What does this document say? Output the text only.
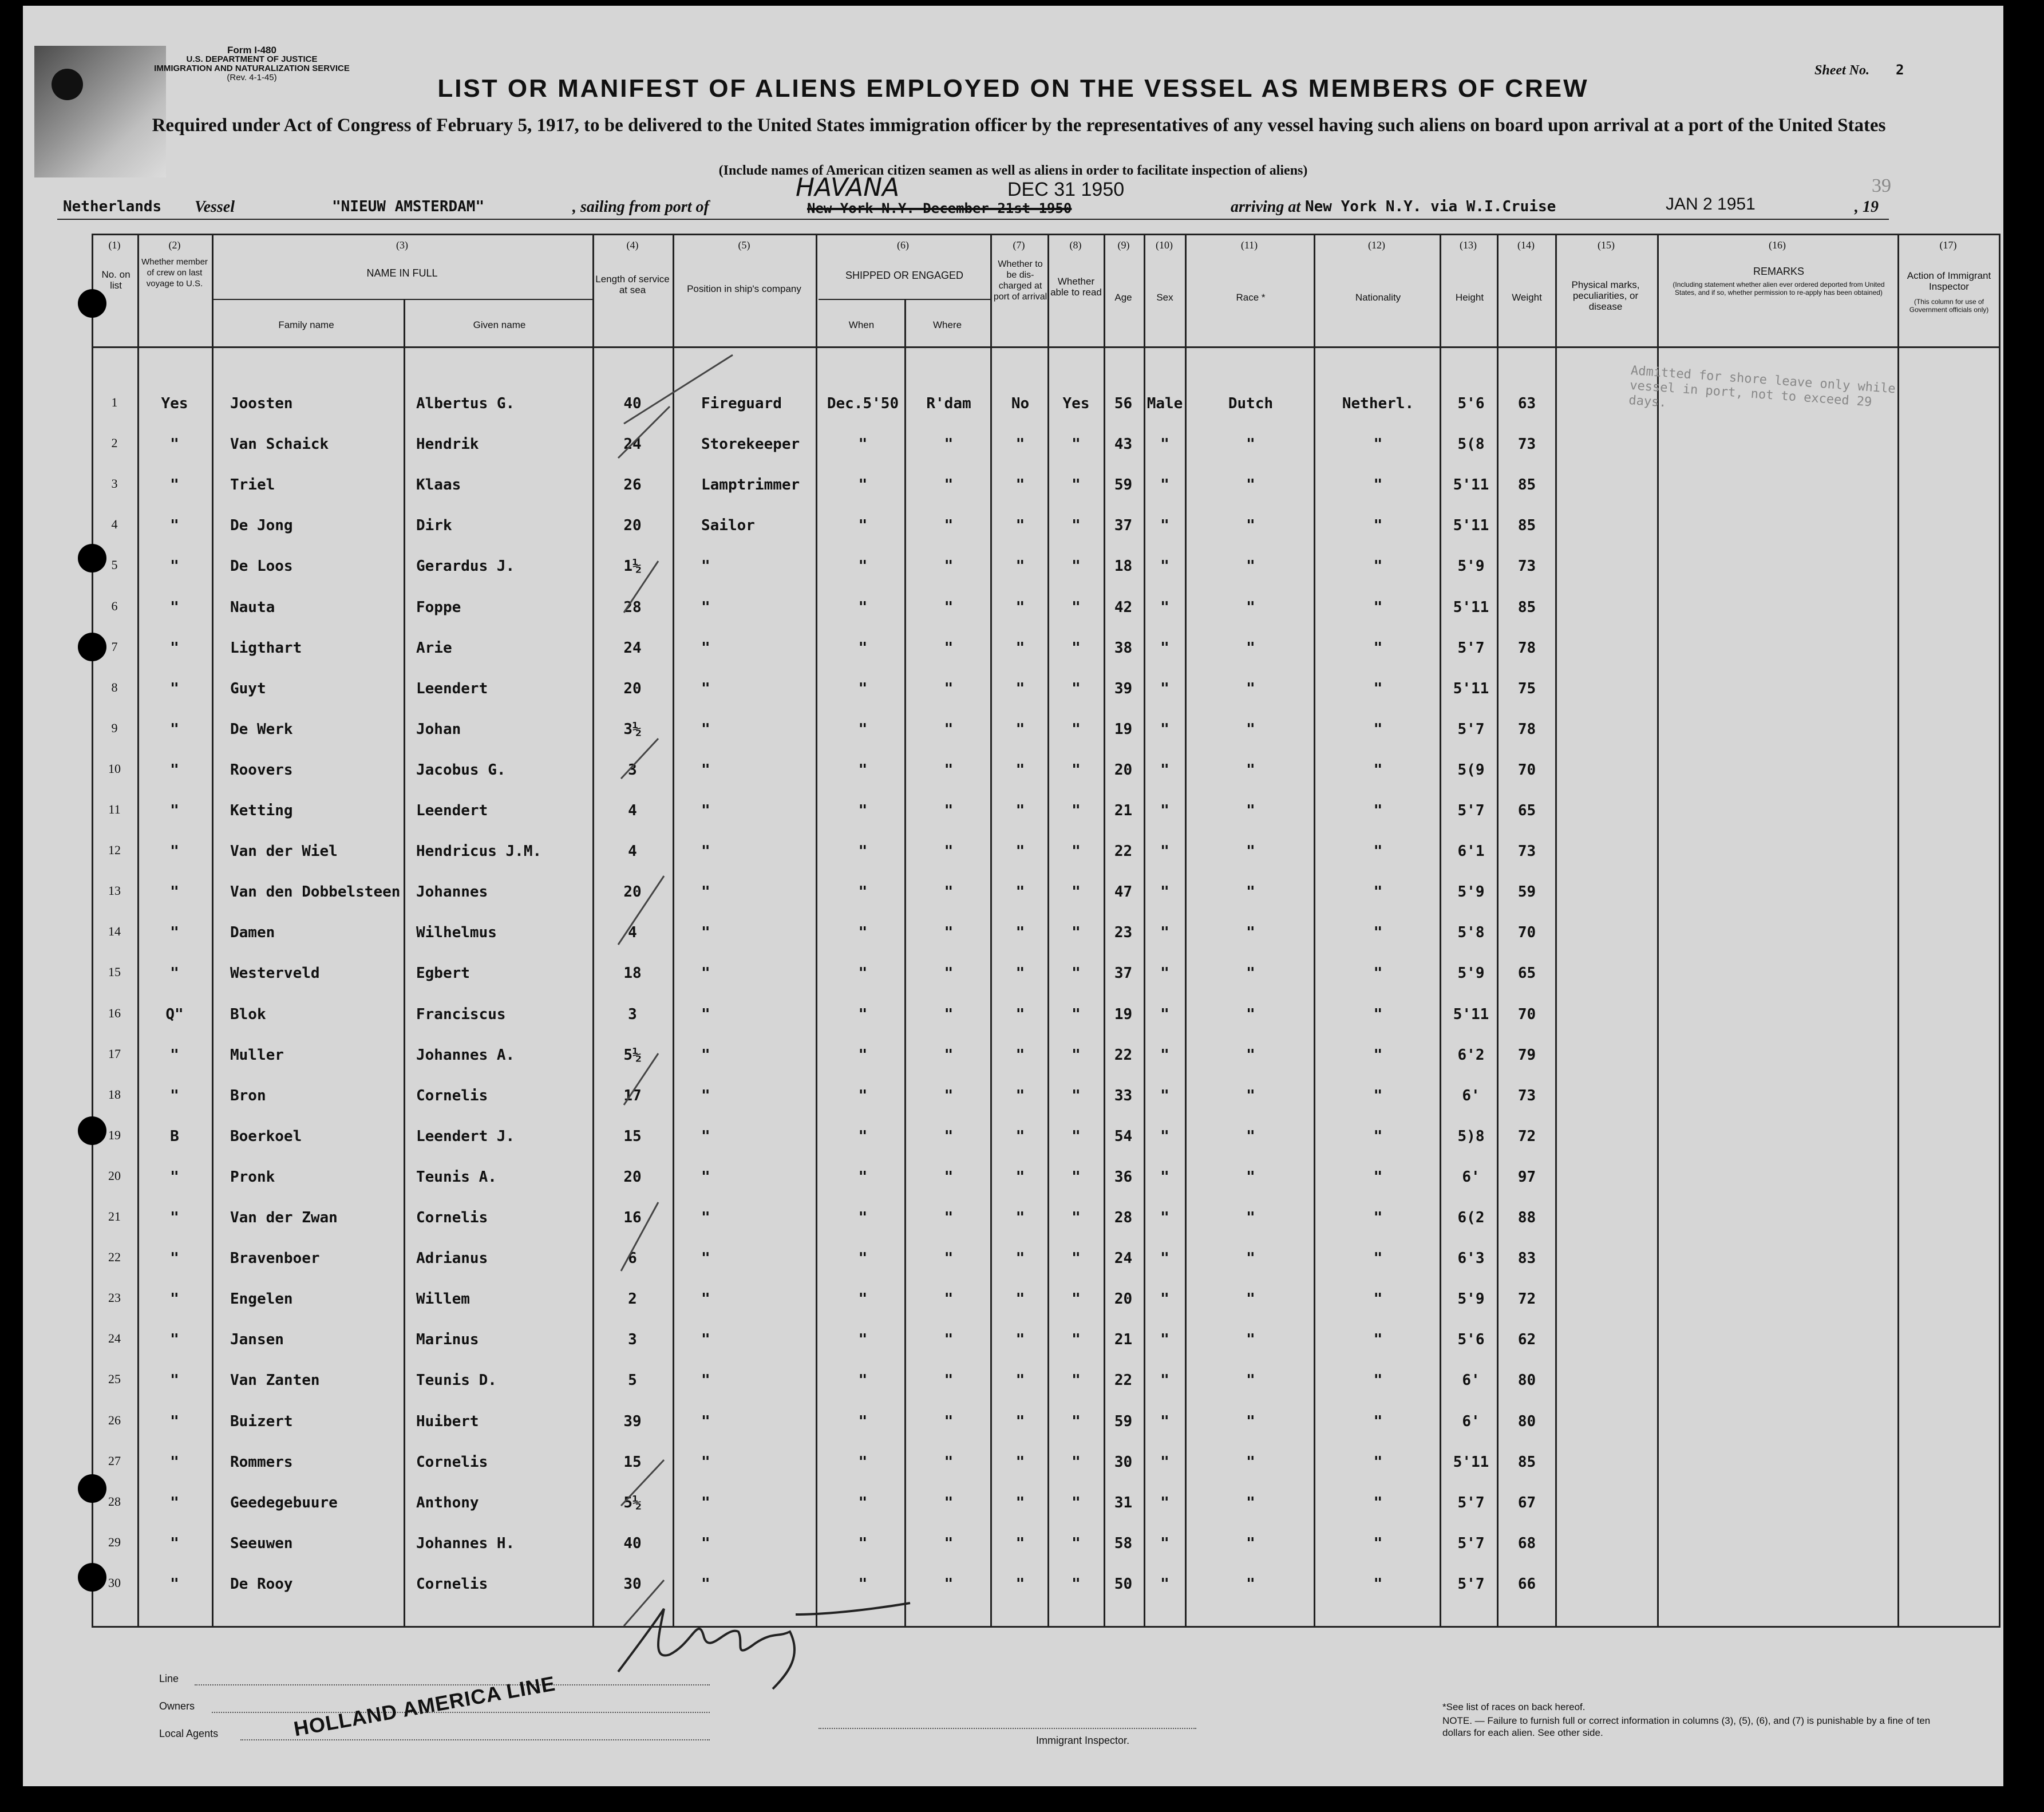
Form I-480
U.S. DEPARTMENT OF JUSTICE
IMMIGRATION AND NATURALIZATION SERVICE
(Rev. 4-1-45)	Sheet No. 2
LIST OR MANIFEST OF ALIENS EMPLOYED ON THE VESSEL AS MEMBERS OF CREW
Required under Act of Congress of February 5, 1917, to be delivered to the United States immigration officer by the representatives of any vessel having such aliens on board upon arrival at a port of the United States
(Include names of American citizen seamen as well as aliens in order to facilitate inspection of aliens)
Netherlands Vessel	"NIEUW AMSTERDAM"	, sailing from port of
HAVANA	DEC 31 1950
New York N.Y. December 21st 1950	arriving at New York N.Y. via W.I.Cruise	JAN 2 1951	, 19
39
(1)	(2)	(3)	(4)	(5)	(6)	(7)	(8)	(9)	(10)	(11)	(12)	(13)	(14)	(15)	(16)	(17)
No. on list
Whether member of crew on last voyage to U.S.
NAME IN FULL
Family name	Given name
Length of service at sea	Position in ship's company
SHIPPED OR ENGAGED
When	Where
Whether to be dis-charged at port of arrival
Whether able to read	Age	Sex	Race *	Nationality	Height	Weight
Physical marks, peculiarities, or disease
REMARKS
(Including statement whether alien ever ordered deported from United States, and if so, whether permission to re-apply has been obtained)
Action of Immigrant Inspector
(This column for use of Government officials only)
1	Yes	Joosten	Albertus G.	40	Fireguard	Dec.5'50	R'dam	No	Yes	56 Male	Dutch	Netherl.	5'6	63
2	"	Van Schaick	Hendrik	24	Storekeeper	"	"	"	"	43	"	"	"	5(8	73
3	"	Triel	Klaas	26	Lamptrimmer	"	"	"	"	59	"	"	"	5'11	85
4	"	De Jong	Dirk	20	Sailor	"	"	"	"	37	"	"	"	5'11	85
5	"	De Loos	Gerardus J.	1½	"	"	"	"	"	18	"	"	"	5'9	73
6	"	Nauta	Foppe	28	"	"	"	"	"	42	"	"	"	5'11	85
7	"	Ligthart	Arie	24	"	"	"	"	"	38	"	"	"	5'7	78
8	"	Guyt	Leendert	20	"	"	"	"	"	39	"	"	"	5'11	75
9	"	De Werk	Johan	3½	"	"	"	"	"	19	"	"	"	5'7	78
10	"	Roovers	Jacobus G.	3	"	"	"	"	"	20	"	"	"	5(9	70
11	"	Ketting	Leendert	4	"	"	"	"	"	21	"	"	"	5'7	65
12	"	Van der Wiel	Hendricus J.M.	4	"	"	"	"	"	22	"	"	"	6'1	73
13	"	Van den Dobbelsteen	Johannes	20	"	"	"	"	"	47	"	"	"	5'9	59
14	"	Damen	Wilhelmus	4	"	"	"	"	"	23	"	"	"	5'8	70
15	"	Westerveld	Egbert	18	"	"	"	"	"	37	"	"	"	5'9	65
16	Q"	Blok	Franciscus	3	"	"	"	"	"	19	"	"	"	5'11	70
17	"	Muller	Johannes A.	5½	"	"	"	"	"	22	"	"	"	6'2	79
18	"	Bron	Cornelis	17	"	"	"	"	"	33	"	"	"	6'	73
19	B	Boerkoel	Leendert J.	15	"	"	"	"	"	54	"	"	"	5)8	72
20	"	Pronk	Teunis A.	20	"	"	"	"	"	36	"	"	"	6'	97
21	"	Van der Zwan	Cornelis	16	"	"	"	"	"	28	"	"	"	6(2	88
22	"	Bravenboer	Adrianus	6	"	"	"	"	"	24	"	"	"	6'3	83
23	"	Engelen	Willem	2	"	"	"	"	"	20	"	"	"	5'9	72
24	"	Jansen	Marinus	3	"	"	"	"	"	21	"	"	"	5'6	62
25	"	Van Zanten	Teunis D.	5	"	"	"	"	"	22	"	"	"	6'	80
26	"	Buizert	Huibert	39	"	"	"	"	"	59	"	"	"	6'	80
27	"	Rommers	Cornelis	15	"	"	"	"	"	30	"	"	"	5'11	85
28	"	Geedegebuure	Anthony	5½	"	"	"	"	"	31	"	"	"	5'7	67
29	"	Seeuwen	Johannes H.	40	"	"	"	"	"	58	"	"	"	5'7	68
30	"	De Rooy	Cornelis	30	"	"	"	"	"	50	"	"	"	5'7	66
Admitted for shore leave only while vessel in port, not to exceed 29 days.
Line
Owners
Local Agents	HOLLAND AMERICA LINE	Immigrant Inspector.
*See list of races on back hereof.
NOTE. — Failure to furnish full or correct information in columns (3), (5), (6), and (7) is punishable by a fine of ten dollars for each alien. See other side.
